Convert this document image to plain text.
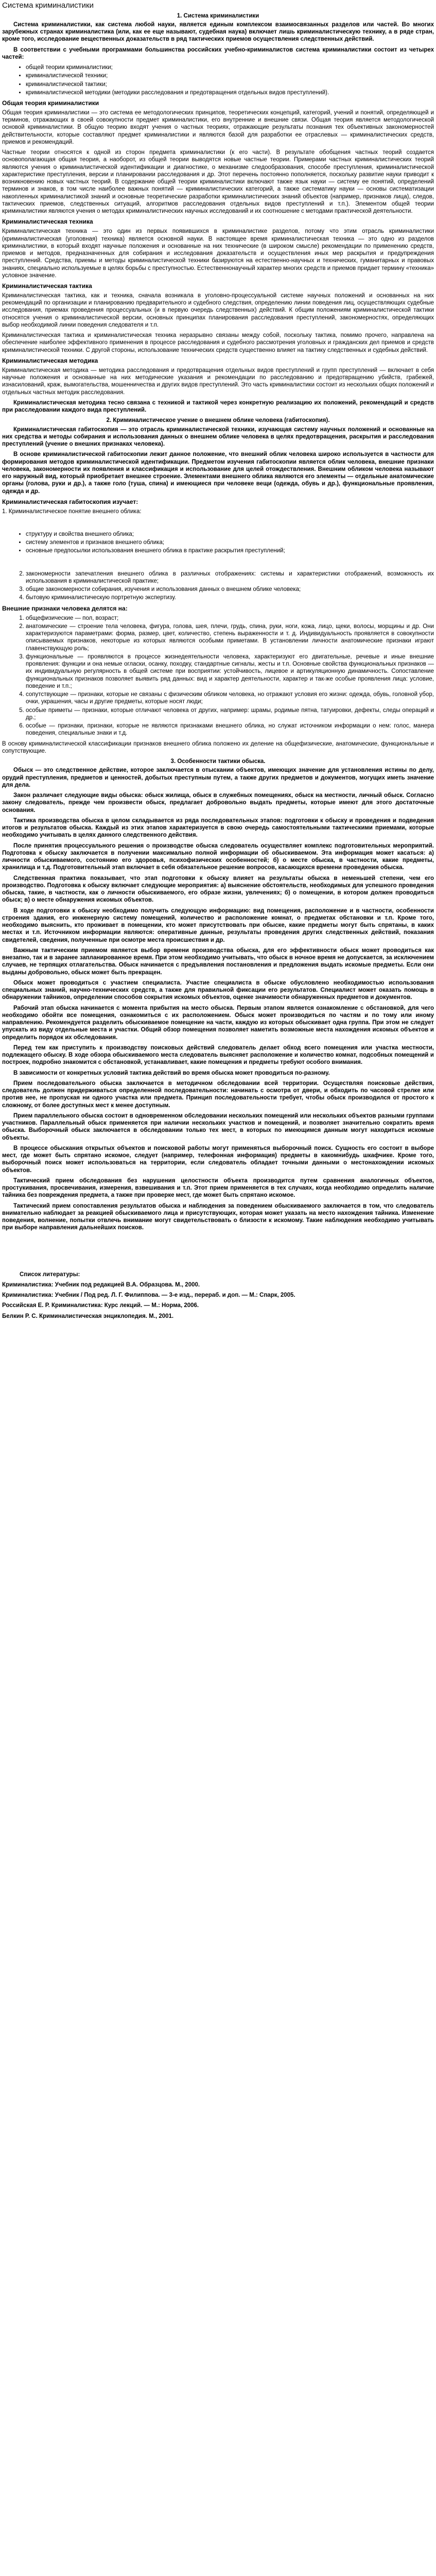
Система криминалистики
1. Система криминалистики

Система криминалистики, как система любой науки, является единым комплексом взаимосвязанных разделов или частей. Во многих зарубежных странах криминалистика (или, как ее еще называют, судебная наука) включает лишь криминалистическую технику, а в ряде стран, кроме того, исследование вещественных доказательств в ряд тактических приемов осуществления следственных действий.

В соответствии с учебными программами большинства российских учебно-криминалистов система криминалистики состоит из четырех частей:

• общей теории криминалистики;
• криминалистической техники;
• криминалистической тактики;
• криминалистической методики (методики расследования и предотвращения отдельных видов преступлений).
Общая теория криминалистики

Общая теория криминалистики — это система ее методологических принципов, теоретических концепций, категорий, учений и понятий, определяющей и терминов, отражающих в своей совокупности предмет криминалистики, его внутренние и внешние связи. Общая теория является методологической основой криминалистики. В общую теорию входят учения о частных теориях, отражающие результаты познания тех объективных закономерностей действительности, которые составляют предмет криминалистики и являются базой для разработки ее отраслевых — криминалистических средств, приемов и рекомендаций.

Частные теории относятся к одной из сторон предмета криминалистики (к его части). В результате обобщения частных теорий создается основополагающая общая теория, а наоборот, из общей теории выводятся новые частные теории. Примерами частных криминалистических теорий являются учения о криминалистической идентификации и диагностике, о механизме следообразования, способе преступления, криминалистической характеристике преступления, версии и планировании расследования и др. Этот перечень постоянно пополняется, поскольку развитие науки приводит к возникновению новых частных теорий. В содержание общей теории криминалистики включают также язык науки — систему ее понятий, определений терминов и знаков, в том числе наиболее важных понятий — криминалистических категорий, а также систематику науки — основы систематизации накопленных криминалистикой знаний и основные теоретические разработки криминалистических знаний объектов (например, признаков лица), следов, тактических приемов, следственных ситуаций, алгоритмов расследования отдельных видов преступлений и т.п.). Элементом общей теории криминалистики являются учения о методах криминалистических научных исследований и их соотношение с методами практической деятельности.

Криминалистическая техника

Криминалистическая техника — это один из первых появившихся в криминалистике разделов, потому что этим отрасль криминалистики (криминалистическая (уголовная) техника) является основной науки. В настоящее время криминалистическая техника — это одно из разделов криминалистики, в который входят научные положения и основанные на них технические (в широком смысле) рекомендации по применению средств, приемов и методов, предназначенных для собирания и исследования доказательств и осуществления иных мер раскрытия и предупреждения преступлений. Средства, приемы и методы криминалистической техники базируются на естественно-научных и технических, гуманитарных и правовых знаниях, специально используемые в целях борьбы с преступностью. Естественнонаучный характер многих средств и приемов придает термину «техника» условное значение.

Криминалистическая тактика

Криминалистическая тактика, как и техника, сначала возникала в уголовно-процессуальной системе научных положений и основанных на них рекомендаций по организации и планированию предварительного и судебного следствия, определению линии поведения лиц, осуществляющих судебные исследования, приемах проведения процессуальных (и в первую очередь следственных) действий. К общим положениям криминалистической тактики относятся учения о криминалистической версии, основных принципах планирования расследования преступлений, закономерностях, определяющих выбор необходимой линии поведения следователя и т.п.

Криминалистическая тактика и криминалистическая техника неразрывно связаны между собой, поскольку тактика, помимо прочего, направлена на обеспечение наиболее эффективного применения в процессе расследования и судебного рассмотрения уголовных и гражданских дел приемов и средств криминалистической техники. С другой стороны, использование технических средств существенно влияет на тактику следственных и судебных действий.

Криминалистическая методика

Криминалистическая методика — методика расследования и предотвращения отдельных видов преступлений и групп преступлений — включает в себя научные положения и основанные на них методические указания и рекомендации по расследованию и предотвращению убийств, грабежей, изнасилований, краж, вымогательства, мошенничества и других видов преступлений. Это часть криминалистики состоит из нескольких общих положений и отдельных частных методик расследования.

Криминалистическая методика тесно связана с техникой и тактикой через конкретную реализацию их положений, рекомендаций и средств при расследовании каждого вида преступлений.

2. Криминалистическое учение о внешнем облике человека (габитоскопия).

Криминалистическая габитоскопия — это отрасль криминалистической техники, изучающая систему научных положений и основанные на них средства и методы собирания и использования данных о внешнем облике человека в целях предотвращения, раскрытия и расследования преступлений (учение о внешних признаках человека).

В основе криминалистической габитоскопии лежит данное положение, что внешний облик человека широко используется в частности для формирования методов криминалистической идентификации. Предметом изучения габитоскопии является облик человека, внешние признаки человека, закономерности их появления и классификация и использование для целей отождествления. Внешним обликом человека называют его наружный вид, который приобретает внешнее строение. Элементами внешнего облика являются его элементы — отдельные анатомические органы (голова, руки и др.), а также голо (туша, спина) и имеющиеся при человеке вещи (одежда, обувь и др.), функциональные проявления, одежда и др.

Криминалистическая габитоскопия изучает:

1. Криминалистическое понятие внешнего облика:

• структуру и свойства внешнего облика;
• систему элементов и признаков внешнего облика;
• основные предпосылки использования внешнего облика в практике раскрытия преступлений;
2. закономерности запечатления внешнего облика в различных отображениях: системы и характеристики отображений, возможность их использования в криминалистической практике;
3. общие закономерности собирания, изучения и использования данных о внешнем облике человека;
4. бытовую криминалистическую портретную экспертизу.
Внешние признаки человека делятся на:
1. общефизические — пол, возраст;
2. анатомические — строение тела человека, фигура, голова, шея, плечи, грудь, спина, руки, ноги, кожа, лицо, щеки, волосы, морщины и др. Они характеризуются параметрами: форма, размер, цвет, количество, степень выраженности и т. д. Индивидуальность проявляется в совокупности описываемых признаков, некоторые из которых являются особыми приметами. В установлении личности анатомические признаки играют главенствующую роль;
3. функциональные — проявляются в процессе жизнедеятельности человека, характеризуют его двигательные, речевые и иные внешние проявления: функции и она немые огласки, осанку, походку, стандартные сигналы, жесты и т.п. Основные свойства функциональных признаков — их индивидуальную регулярность в общей системе при восприятии: устойчивость, лицевое и артикуляционную динамичность. Сопоставление функциональных признаков позволяет выявить ряд данных: вид и характер деятельности, характер и так-же особые проявления лица: условие, поведение и т.п.;
4. сопутствующие — признаки, которые не связаны с физическим обликом человека, но отражают условия его жизни: одежда, обувь, головной убор, очки, украшения, часы и другие предметы, которые носят люди;
5. особые приметы — признаки, которые отличают человека от других, например: шрамы, родимые пятна, татуировки, дефекты, следы операций и др.;
6. особые — признаки, признаки, которые не являются признаками внешнего облика, но служат источником информации о нем: голос, манера поведения, специальные знаки и т.д.

В основу криминалистической классификации признаков внешнего облика положено их деление на общефизические, анатомические, функциональные и сопутствующие.

3. Особенности тактики обыска.

Обыск — это следственное действие, которое заключается в отыскании объектов, имеющих значение для установления истины по делу, орудий преступления, предметов и ценностей, добытых преступным путем, а также других предметов и документов, могущих иметь значение для дела.

Закон различает следующие виды обыска: обыск жилища, обыск в служебных помещениях, обыск на местности, личный обыск. Согласно закону следователь, прежде чем произвести обыск, предлагает добровольно выдать предметы, которые имеют для этого достаточные основания.

Тактика производства обыска в целом складывается из ряда последовательных этапов: подготовки к обыску и проведения и подведения итогов и результатов обыска. Каждый из этих этапов характеризуется в свою очередь самостоятельными тактическими приемами, которые необходимо учитывать в целях данного следственного действия.

После принятия процессуального решения о производстве обыска следователь осуществляет комплекс подготовительных мероприятий. Подготовка к обыску заключается в получении максимально полной информации об обыскиваемом. Эта информация может касаться: а) личности обыскиваемого, состоянию его здоровья, психофизических особенностей; б) о месте обыска, в частности, какие предметы, хранилища и т.д. Подготовительный этап включает в себя обязательное решение вопросов, касающихся времени проведения обыска.

Следственная практика показывает, что этап подготовки к обыску влияет на результаты обыска в неменьшей степени, чем его производство. Подготовка к обыску включает следующие мероприятия: а) выяснение обстоятельств, необходимых для успешного проведения обыска, такие, в частности, как о личности обыскиваемого, его образе жизни, увлечениях; б) о помещении, в котором должен проводиться обыск; в) о месте обнаружения искомых объектов.

В ходе подготовки к обыску необходимо получить следующую информацию: вид помещения, расположение и в частности, особенности строения здания, его инженерную систему помещений, количество и расположение комнат, о предметах обстановки и т.п. Кроме того, необходимо выяснить, кто проживает в помещении, кто может присутствовать при обыске, какие предметы могут быть спрятаны, в каких местах и т.п. Источником информации являются: оперативные данные, результаты проведения других следственных действий, показания свидетелей, сведения, полученные при осмотре места происшествия и др.

Важным тактическим приемом является выбор времени производства обыска, для его эффективности обыск может проводиться как внезапно, так и в заранее запланированное время. При этом необходимо учитывать, что обыск в ночное время не допускается, за исключением случаев, не терпящих отлагательства. Обыск начинается с предъявления постановления и предложения выдать искомые предметы. Если они выданы добровольно, обыск может быть прекращен.

Обыск может проводиться с участием специалиста. Участие специалиста в обыске обусловлено необходимостью использования специальных знаний, научно-технических средств, а также для правильной фиксации его результатов. Специалист может оказать помощь в обнаружении тайников, определении способов сокрытия искомых объектов, оценке значимости обнаруженных предметов и документов.

Рабочий этап обыска начинается с момента прибытия на место обыска. Первым этапом является ознакомление с обстановкой, для чего необходимо обойти все помещения, ознакомиться с их расположением. Обыск может производиться по частям и по тому или иному направлению. Рекомендуется разделить обыскиваемое помещение на части, каждую из которых обыскивает одна группа. При этом не следует упускать из виду отдельные места и участки. Общий обзор помещения позволяет наметить возможные места нахождения искомых объектов и определить порядок их обследования.

Перед тем как приступить к производству поисковых действий следователь делает обход всего помещения или участка местности, подлежащего обыску. В ходе обзора обыскиваемого места следователь выясняет расположение и количество комнат, подсобных помещений и построек, подробно знакомится с обстановкой, устанавливает, какие помещения и предметы требуют особого внимания.

В зависимости от конкретных условий тактика действий во время обыска может проводиться по-разному.

Прием последовательного обыска заключается в методичном обследовании всей территории. Осуществляя поисковые действия, следователь должен придерживаться определенной последовательности: начинать с осмотра от двери, и обходить по часовой стрелке или против нее, не пропуская ни одного участка или предмета. Принцип последовательности требует, чтобы обыск производился от простого к сложному, от более доступных мест к менее доступным.

Прием параллельного обыска состоит в одновременном обследовании нескольких помещений или нескольких объектов разными группами участников. Параллельный обыск применяется при наличии нескольких участков и помещений, и позволяет значительно сократить время обыска. Выборочный обыск заключается в обследовании только тех мест, в которых по имеющимся данным могут находиться искомые объекты.

В процессе обыскания открытых объектов и поисковой работы могут применяться выборочный поиск. Сущность его состоит в выборе мест, где может быть спрятано искомое, следует (например, телефонная информация) предметы в какомнибудь шкафчике. Кроме того, выборочный поиск может использоваться на территории, если следователь обладает точными данными о местонахождении искомых объектов.

Тактический прием обследования без нарушения целостности объекта производится путем сравнения аналогичных объектов, простукивания, просвечивания, измерения, взвешивания и т.п. Этот прием применяется в тех случаях, когда необходимо определить наличие тайника без повреждения предмета, а также при проверке мест, где может быть спрятано искомое.

Тактический прием сопоставления результатов обыска и наблюдения за поведением обыскиваемого заключается в том, что следователь внимательно наблюдает за реакцией обыскиваемого лица и присутствующих, которая может указать на место нахождения тайника. Изменение поведения, волнение, попытки отвлечь внимание могут свидетельствовать о близости к искомому. Такие наблюдения необходимо учитывать при выборе направления дальнейших поисков.

Список литературы:

Криминалистика: Учебник под редакцией В.А. Образцова. М., 2000.

Криминалистика: Учебник / Под ред. Л. Г. Филиппова. — 3-е изд., перераб. и доп. — М.: Спарк, 2005.

Российская Е. Р. Криминалистика: Курс лекций. — М.: Норма, 2006.

Белкин Р. С. Криминалистическая энциклопедия. М., 2001.
